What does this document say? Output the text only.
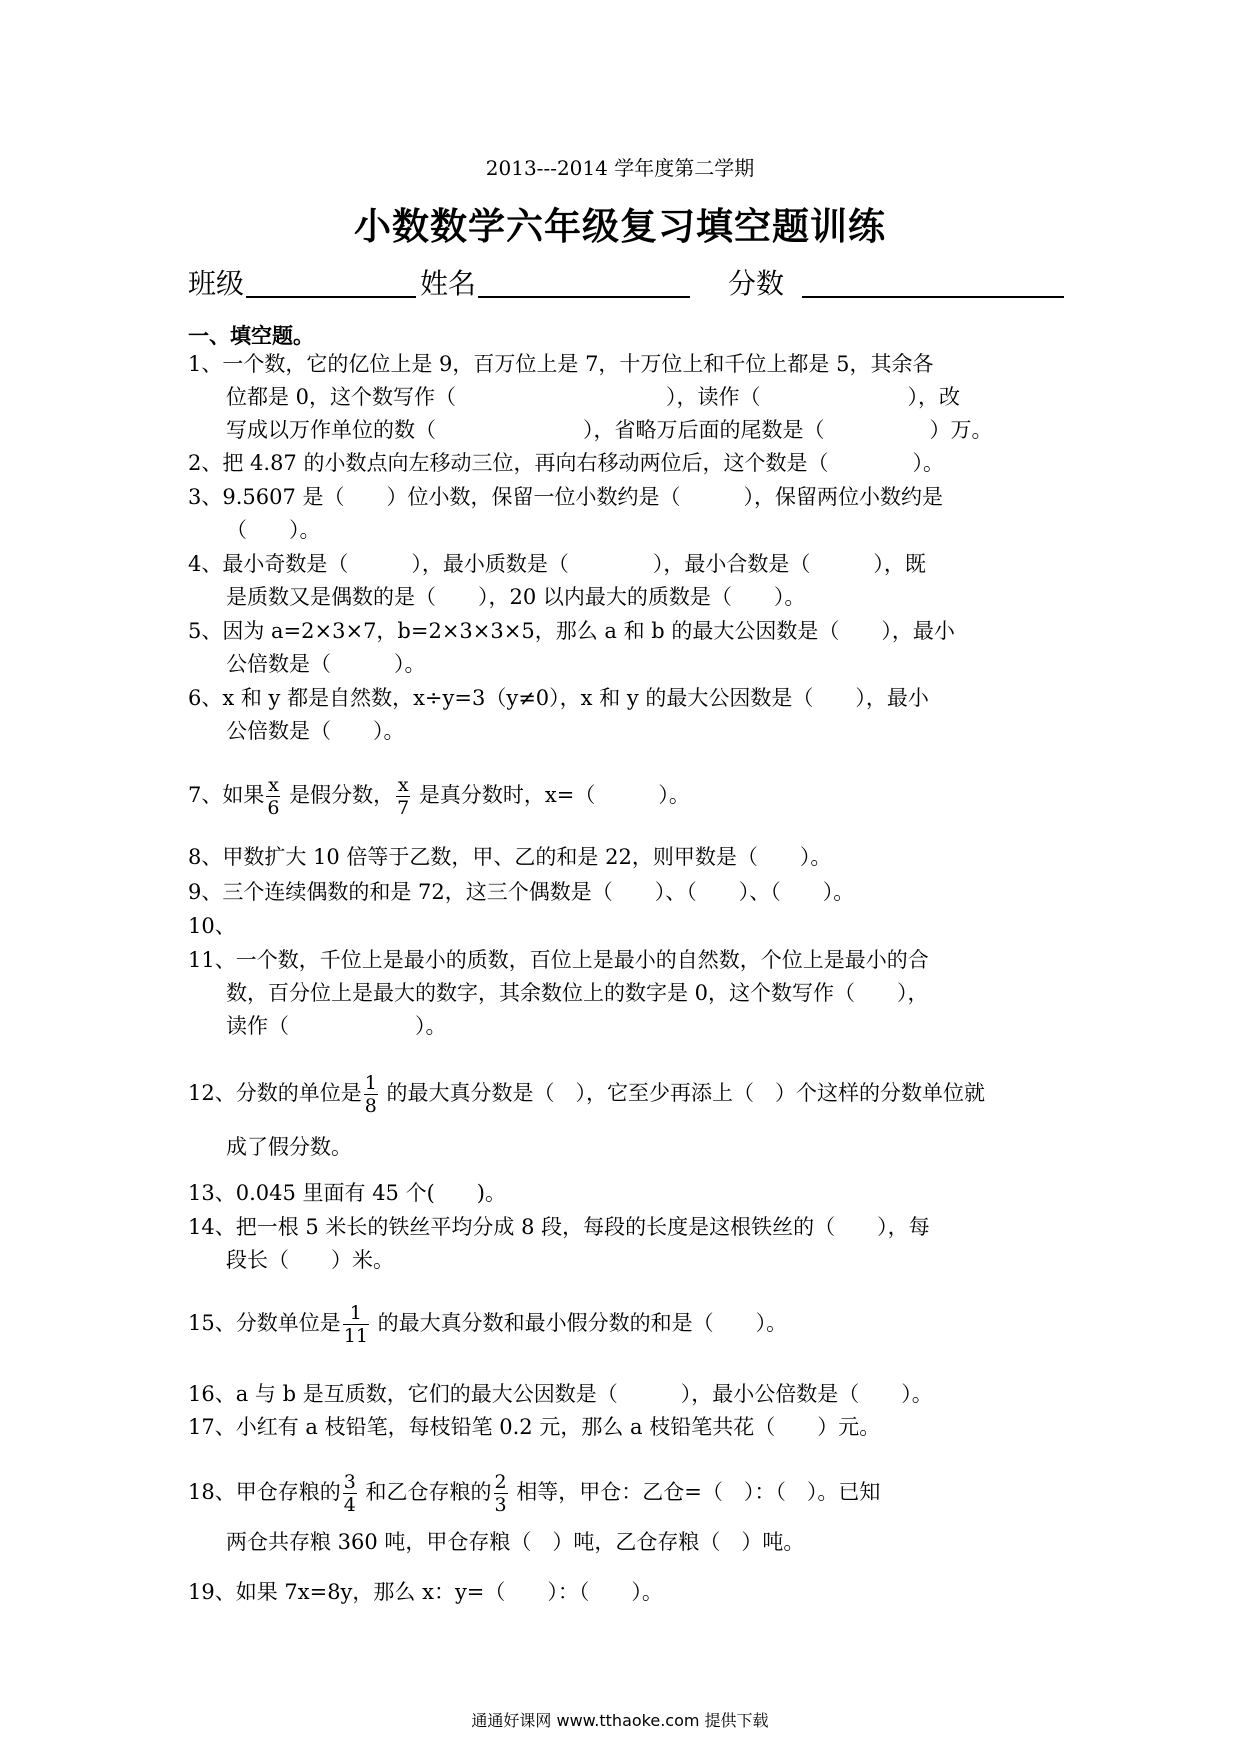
2013---2014 学年度第二学期
小数数学六年级复习填空题训练
班级	姓名	分数
一、填空题。
1、一个数，它的亿位上是 9，百万位上是 7，十万位上和千位上都是 5，其余各
位都是 0，这个数写作（　　　　　　　　　　），读作（　　　　　　　），改
写成以万作单位的数（　　　　　　　），省略万后面的尾数是（　　　　　）万。
2、把 4.87 的小数点向左移动三位，再向右移动两位后，这个数是（　　　　）。
3、9.5607 是（　　）位小数，保留一位小数约是（　　　），保留两位小数约是
（　　）。
4、最小奇数是（　　　），最小质数是（　　　　），最小合数是（　　　），既
是质数又是偶数的是（　　），20 以内最大的质数是（　　）。
5、因为 a=2×3×7，b=2×3×3×5，那么 a 和 b 的最大公因数是（　　），最小
公倍数是（　　　）。
6、x 和 y 都是自然数，x÷y=3（y≠0），x 和 y 的最大公因数是（　　），最小
公倍数是（　　）。
7、如果 $\frac{x}{6}$ 是假分数， $\frac{x}{7}$ 是真分数时，x=（　　　）。
8、甲数扩大 10 倍等于乙数，甲、乙的和是 22，则甲数是（　　）。
9、三个连续偶数的和是 72，这三个偶数是（　　）、（　　）、（　　）。
10、
11、一个数，千位上是最小的质数，百位上是最小的自然数，个位上是最小的合
数，百分位上是最大的数字，其余数位上的数字是 0，这个数写作（　　），
读作（　　　　　　）。
12、分数的单位是 $\frac{1}{8}$ 的最大真分数是（　），它至少再添上（　）个这样的分数单位就
成了假分数。
13、0.045 里面有 45 个(　　)。
14、把一根 5 米长的铁丝平均分成 8 段，每段的长度是这根铁丝的（　　），每
段长（　　）米。
15、分数单位是 $\frac{1}{11}$ 的最大真分数和最小假分数的和是（　　）。
16、a 与 b 是互质数，它们的最大公因数是（　　　），最小公倍数是（　　）。
17、小红有 a 枝铅笔，每枝铅笔 0.2 元，那么 a 枝铅笔共花（　　）元。
18、甲仓存粮的 $\frac{3}{4}$ 和乙仓存粮的 $\frac{2}{3}$ 相等，甲仓：乙仓=（　）：（　）。已知
两仓共存粮 360 吨，甲仓存粮（　）吨，乙仓存粮（　）吨。
19、如果 7x=8y，那么 x：y=（　　）：（　　）。
通通好课网 www.tthaoke.com 提供下载
